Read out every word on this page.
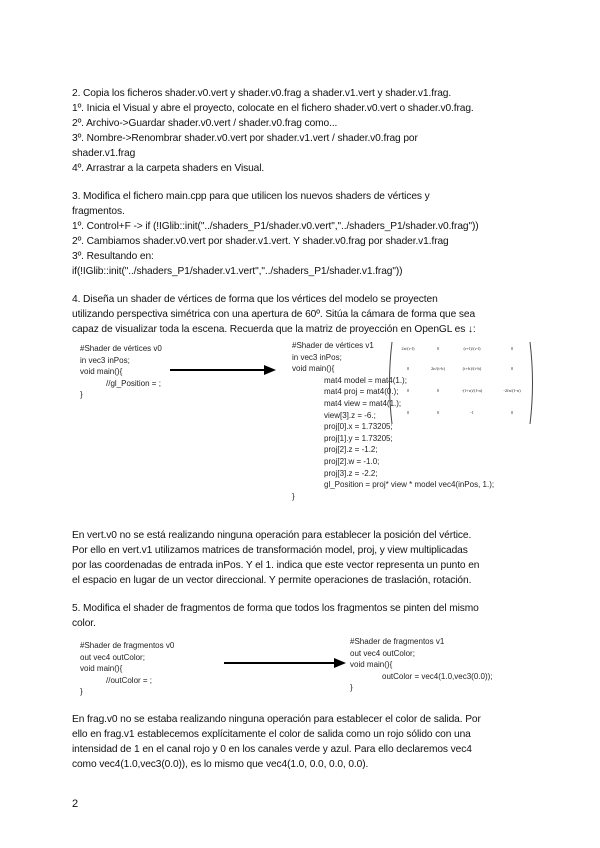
2. Copia los ficheros shader.v0.vert y shader.v0.frag a shader.v1.vert y shader.v1.frag.
1º. Inicia el Visual y abre el proyecto, colocate en el fichero shader.v0.vert o shader.v0.frag.
2º. Archivo->Guardar shader.v0.vert / shader.v0.frag como...
3º. Nombre->Renombrar shader.v0.vert por shader.v1.vert / shader.v0.frag por
shader.v1.frag
4º. Arrastrar a la carpeta shaders en Visual.
3. Modifica el fichero main.cpp para que utilicen los nuevos shaders de vértices y
fragmentos.
1º. Control+F -> if (!IGlib::init("../shaders_P1/shader.v0.vert","../shaders_P1/shader.v0.frag"))
2º. Cambiamos shader.v0.vert por shader.v1.vert. Y shader.v0.frag por shader.v1.frag
3º. Resultando en:
if(!IGlib::init("../shaders_P1/shader.v1.vert","../shaders_P1/shader.v1.frag"))
4. Diseña un shader de vértices de forma que los vértices del modelo se proyecten
utilizando perspectiva simétrica con una apertura de 60º. Sitúa la cámara de forma que sea
capaz de visualizar toda la escena. Recuerda que la matriz de proyección en OpenGL es ↓:
#Shader de vértices v0
in vec3 inPos;
void main(){
//gl_Position = ;
}
#Shader de vértices v1
in vec3 inPos;
void main(){
mat4 model = mat4(1.);
mat4 proj = mat4(0.);
mat4 view = mat4(1.);
view[3].z = -6.;
proj[0].x = 1.73205;
proj[1].y = 1.73205;
proj[2].z = -1.2;
proj[2].w = -1.0;
proj[3].z = -2.2;
gl_Position = proj* view * model vec4(inPos, 1.);
}
2n/(r-l)	0	(r+l)/(r-l)	0
0	2n/(t-b)	(t+b)/(t-b)	0
0	0	-(f+n)/(f-n)	-2fn/(f-n)
0	0	-1	0
En vert.v0 no se está realizando ninguna operación para establecer la posición del vértice.
Por ello en vert.v1 utilizamos matrices de transformación model, proj, y view multiplicadas
por las coordenadas de entrada inPos. Y el 1. indica que este vector representa un punto en
el espacio en lugar de un vector direccional. Y permite operaciones de traslación, rotación.
5. Modifica el shader de fragmentos de forma que todos los fragmentos se pinten del mismo
color.
#Shader de fragmentos v0
out vec4 outColor;
void main(){
//outColor = ;
}
#Shader de fragmentos v1
out vec4 outColor;
void main(){
outColor = vec4(1.0,vec3(0.0));
}
En frag.v0 no se estaba realizando ninguna operación para establecer el color de salida. Por
ello en frag.v1 establecemos explícitamente el color de salida como un rojo sólido con una
intensidad de 1 en el canal rojo y 0 en los canales verde y azul. Para ello declaremos vec4
como vec4(1.0,vec3(0.0)), es lo mismo que vec4(1.0, 0.0, 0.0, 0.0).
2
